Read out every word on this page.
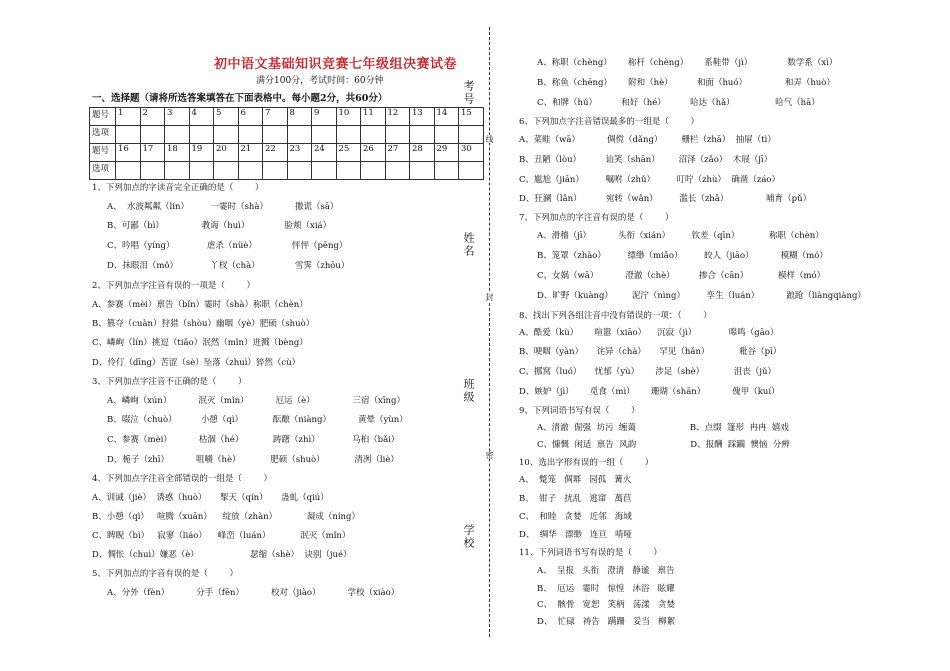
初中语文基础知识竞赛七年级组决赛试卷
满分100分，考试时间：60分钟
一、选择题（请将所选答案填答在下面表格中。每小题2分，共60分）
题号	1	2	3	4	5	6	7	8	9	10	11	12	13	14	15
选项															
题号	16	17	18	19	20	21	22	23	24	25	26	27	28	29	30
选项															
1、下列加点的字读音完全正确的是（        ）
A、  水波粼粼（lín）        一霎时（shà）          撒谎（sā）
B、可鄙（bì）              教诲（huì）             脸颊（xiá）
C、吟唱（yíng）            虐杀（nüè）             怦怦（pēng）
D、抹眼泪（mǒ）            丫杈（chà）             雪霁（zhōu）
2、下列加点字注音有误的一项是（        ）
A、参赛（mèi）禀告（bǐn）霎时（shà）称职（chèn）
B、篡夺（cuàn）狩猎（shòu）幽咽（yè）肥硕（shuò）
C、嶙峋（lín）挑逗（tiǎo）泯然（mǐn）迸溅（bèng）
D、伶仃（dīng）苦涩（sè）坠落（zhuì）猝然（cù）
3、下列加点字注音不正确的是（        ）
A、嶙峋（xún）          泯灭（mǐn）          厄运（è）              三宿（xīng）
B、啜泣（chuò）         小憩（qì）           酝酿（niàng）          黄晕（yùn）
C、参赛（mèi）          枯涸（hé）           踌躇（zhì）            乌桕（bǎi）
D、栀子（zhī）          咀嚼（hè）           肥硕（shuò）           清冽（liè）
4、下列加点字注音全部错误的一组是（        ）
A、训诫（jiè）  诱惑（huò）     掣天（qín）     蛊虬（qiú）
B、小憩（qì）   喧腾（xuān）    绽放（zhàn）           凝成（níng）
C、睥睨（bì）   寂寥（liáo）    峰峦（luán）           泯灭（mǐn）
D、惆怅（chuì）嫌恶（è）                   瑟缩（shè）  诀别（jué）
5、下列加点的字音有误的是（        ）
A、分外（fèn）          分手（fēn）          校对（jiào）          学校（xiào）
考号
姓名
班级
学校
线
封
密
A、称职（chèng）      称杆（chèng）      系鞋带（jì）             数学系（xì）
B、称鱼（chēng）      附和（hè）         和面（huó）              和弄（huò）
C、和牌（hú）         和好（hé）         哈达（hǎ）               哈气（hā）
6、下列加点字注音错误最多的一组是（        ）
A、菜畦（wā）          倜傥（dǎng）       栅栏（zhā）  抽屉（tì）
B、丑陋（lòu）         讪笑（shān）       沼泽（zǎo）  木屐（jī）
C、尴尬（jiān）        嘱咐（zhǔ）        叮咛（zhù）  确凿（záo）
D、狂澜（lǎn）         宛转（wǎn）        滥长（zhǎ）              哺育（pǔ）
7、下列加点的字注音有误的是（        ）
A、滑稽（jī）          头衔（xián）        钦差（qīn）           称职（chèn）
B、笼罩（zhào）        缥缈（miǎo）        皎人（jiāo）          模糊（mó）
C、女娲（wā）          澄澈（chè）         掺合（cān）           模样（mó）
D、旷野（kuàng）       泥泞（nìng）        孪生（luán）          踉跄（liàngqiàng）
8、找出下列各组注音中没有错误的一项：（        ）
A、酷爱（kù）      喧嚣（xiāo）    沉寂（jì）            嗥鸣（gāo）
B、哽咽（yàn）     诧异（chà）     罕见（hǎn）           粃谷（pī）
C、挪窝（luó）     忧郁（yù）      涉足（shè）           沮丧（jǔ）
D、嫉妒（jì）      觅食（mì）      珊瑚（shān）          傀甲（kuí）
9、下列词语书写有误（        ）
A、清澈  倔强  坊污  缠蔼                    B、点缀  篷形  冉冉  嬉戏
C、慷慨  闲适  禀告  风韵                    D、报酬  踩躏  懊恼  分辨
10、选出字形有误的一组（        ）
A、  蹩笼   倜幂   园孤   篝火
B、  钳子   扰乱   逃窜   萬苣
C、  和睦   贪婪   近邻   海域
D、  绸华   漂缈   连亘   啃哑
11、下列词语书写有误的是（        ）
A、  呈报   头衔   澄清   静谧   禀告
B、  厄运   霎时   惊惶   沐浴   眩耀
C、  骸骨   宽恕   笑柄   荡漾   贪婪
D、  忙碌   祷告   蹒跚   妥当   柳絮
